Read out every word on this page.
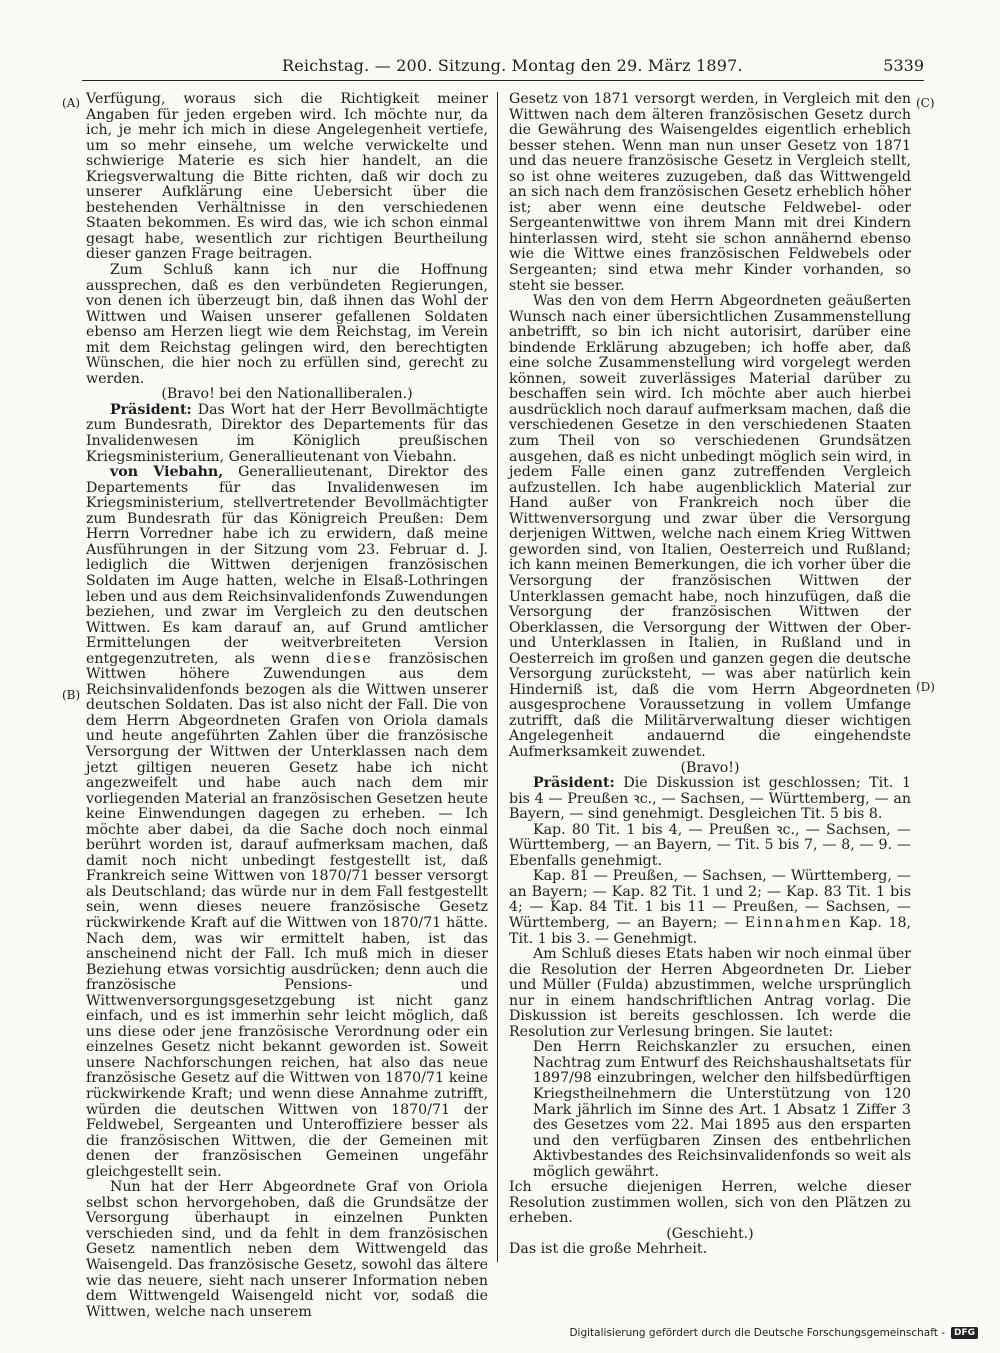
Reichstag. — 200. Sitzung. Montag den 29. März 1897.	5339
(A)
(B)
(C)
(D)

Verfügung, woraus sich die Richtigkeit meiner Angaben für jeden ergeben wird. Ich möchte nur, da ich, je mehr ich mich in diese Angelegenheit vertiefe, um so mehr einsehe, um welche verwickelte und schwierige Materie es sich hier handelt, an die Kriegsverwaltung die Bitte richten, daß wir doch zu unserer Aufklärung eine Uebersicht über die bestehenden Verhältnisse in den verschiedenen Staaten bekommen. Es wird das, wie ich schon einmal gesagt habe, wesentlich zur richtigen Beurtheilung dieser ganzen Frage beitragen.

Zum Schluß kann ich nur die Hoffnung aussprechen, daß es den verbündeten Regierungen, von denen ich überzeugt bin, daß ihnen das Wohl der Wittwen und Waisen unserer gefallenen Soldaten ebenso am Herzen liegt wie dem Reichstag, im Verein mit dem Reichstag gelingen wird, den berechtigten Wünschen, die hier noch zu erfüllen sind, gerecht zu werden.

(Bravo! bei den Nationalliberalen.)

Präsident: Das Wort hat der Herr Bevollmächtigte zum Bundesrath, Direktor des Departements für das Invalidenwesen im Königlich preußischen Kriegsministerium, Generallieutenant von Viebahn.

von Viebahn, Generallieutenant, Direktor des Departements für das Invalidenwesen im Kriegsministerium, stellvertretender Bevollmächtigter zum Bundesrath für das Königreich Preußen: Dem Herrn Vorredner habe ich zu erwidern, daß meine Ausführungen in der Sitzung vom 23. Februar d. J. lediglich die Wittwen derjenigen französischen Soldaten im Auge hatten, welche in Elsaß-Lothringen leben und aus dem Reichsinvalidenfonds Zuwendungen beziehen, und zwar im Vergleich zu den deutschen Wittwen. Es kam darauf an, auf Grund amtlicher Ermittelungen der weitverbreiteten Version entgegenzutreten, als wenn diese französischen Wittwen höhere Zuwendungen aus dem Reichsinvalidenfonds bezogen als die Wittwen unserer deutschen Soldaten. Das ist also nicht der Fall. Die von dem Herrn Abgeordneten Grafen von Oriola damals und heute angeführten Zahlen über die französische Versorgung der Wittwen der Unterklassen nach dem jetzt giltigen neueren Gesetz habe ich nicht angezweifelt und habe auch nach dem mir vorliegenden Material an französischen Gesetzen heute keine Einwendungen dagegen zu erheben. — Ich möchte aber dabei, da die Sache doch noch einmal berührt worden ist, darauf aufmerksam machen, daß damit noch nicht unbedingt festgestellt ist, daß Frankreich seine Wittwen von 1870/71 besser versorgt als Deutschland; das würde nur in dem Fall festgestellt sein, wenn dieses neuere französische Gesetz rückwirkende Kraft auf die Wittwen von 1870/71 hätte. Nach dem, was wir ermittelt haben, ist das anscheinend nicht der Fall. Ich muß mich in dieser Beziehung etwas vorsichtig ausdrücken; denn auch die französische Pensions- und Wittwenversorgungsgesetzgebung ist nicht ganz einfach, und es ist immerhin sehr leicht möglich, daß uns diese oder jene französische Verordnung oder ein einzelnes Gesetz nicht bekannt geworden ist. Soweit unsere Nachforschungen reichen, hat also das neue französische Gesetz auf die Wittwen von 1870/71 keine rückwirkende Kraft; und wenn diese Annahme zutrifft, würden die deutschen Wittwen von 1870/71 der Feldwebel, Sergeanten und Unteroffiziere besser als die französischen Wittwen, die der Gemeinen mit denen der französischen Gemeinen ungefähr gleichgestellt sein.

Nun hat der Herr Abgeordnete Graf von Oriola selbst schon hervorgehoben, daß die Grundsätze der Versorgung überhaupt in einzelnen Punkten verschieden sind, und da fehlt in dem französischen Gesetz namentlich neben dem Wittwengeld das Waisengeld. Das französische Gesetz, sowohl das ältere wie das neuere, sieht nach unserer Information neben dem Wittwengeld Waisengeld nicht vor, sodaß die Wittwen, welche nach unserem

Gesetz von 1871 versorgt werden, in Vergleich mit den Wittwen nach dem älteren französischen Gesetz durch die Gewährung des Waisengeldes eigentlich erheblich besser stehen. Wenn man nun unser Gesetz von 1871 und das neuere französische Gesetz in Vergleich stellt, so ist ohne weiteres zuzugeben, daß das Wittwengeld an sich nach dem französischen Gesetz erheblich höher ist; aber wenn eine deutsche Feldwebel- oder Sergeantenwittwe von ihrem Mann mit drei Kindern hinterlassen wird, steht sie schon annähernd ebenso wie die Wittwe eines französischen Feldwebels oder Sergeanten; sind etwa mehr Kinder vorhanden, so steht sie besser.

Was den von dem Herrn Abgeordneten geäußerten Wunsch nach einer übersichtlichen Zusammenstellung anbetrifft, so bin ich nicht autorisirt, darüber eine bindende Erklärung abzugeben; ich hoffe aber, daß eine solche Zusammenstellung wird vorgelegt werden können, soweit zuverlässiges Material darüber zu beschaffen sein wird. Ich möchte aber auch hierbei ausdrücklich noch darauf aufmerksam machen, daß die verschiedenen Gesetze in den verschiedenen Staaten zum Theil von so verschiedenen Grundsätzen ausgehen, daß es nicht unbedingt möglich sein wird, in jedem Falle einen ganz zutreffenden Vergleich aufzustellen. Ich habe augenblicklich Material zur Hand außer von Frankreich noch über die Wittwenversorgung und zwar über die Versorgung derjenigen Wittwen, welche nach einem Krieg Wittwen geworden sind, von Italien, Oesterreich und Rußland; ich kann meinen Bemerkungen, die ich vorher über die Versorgung der französischen Wittwen der Unterklassen gemacht habe, noch hinzufügen, daß die Versorgung der französischen Wittwen der Oberklassen, die Versorgung der Wittwen der Ober- und Unterklassen in Italien, in Rußland und in Oesterreich im großen und ganzen gegen die deutsche Versorgung zurücksteht, — was aber natürlich kein Hinderniß ist, daß die vom Herrn Abgeordneten ausgesprochene Voraussetzung in vollem Umfange zutrifft, daß die Militärverwaltung dieser wichtigen Angelegenheit andauernd die eingehendste Aufmerksamkeit zuwendet.

(Bravo!)

Präsident: Die Diskussion ist geschlossen; Tit. 1 bis 4 — Preußen ꝛc., — Sachsen, — Württemberg, — an Bayern, — sind genehmigt. Desgleichen Tit. 5 bis 8.

Kap. 80 Tit. 1 bis 4, — Preußen ꝛc., — Sachsen, — Württemberg, — an Bayern, — Tit. 5 bis 7, — 8, — 9. — Ebenfalls genehmigt.

Kap. 81 — Preußen, — Sachsen, — Württemberg, — an Bayern; — Kap. 82 Tit. 1 und 2; — Kap. 83 Tit. 1 bis 4; — Kap. 84 Tit. 1 bis 11 — Preußen, — Sachsen, — Württemberg, — an Bayern; — Einnahmen Kap. 18, Tit. 1 bis 3. — Genehmigt.

Am Schluß dieses Etats haben wir noch einmal über die Resolution der Herren Abgeordneten Dr. Lieber und Müller (Fulda) abzustimmen, welche ursprünglich nur in einem handschriftlichen Antrag vorlag. Die Diskussion ist bereits geschlossen. Ich werde die Resolution zur Verlesung bringen. Sie lautet:

Den Herrn Reichskanzler zu ersuchen, einen Nachtrag zum Entwurf des Reichshaushaltsetats für 1897/98 einzubringen, welcher den hilfsbedürftigen Kriegstheilnehmern die Unterstützung von 120 Mark jährlich im Sinne des Art. 1 Absatz 1 Ziffer 3 des Gesetzes vom 22. Mai 1895 aus den ersparten und den verfügbaren Zinsen des entbehrlichen Aktivbestandes des Reichsinvalidenfonds so weit als möglich gewährt.

Ich ersuche diejenigen Herren, welche dieser Resolution zustimmen wollen, sich von den Plätzen zu erheben.

(Geschieht.)

Das ist die große Mehrheit.

Digitalisierung gefördert durch die Deutsche Forschungsgemeinschaft -	DFG
